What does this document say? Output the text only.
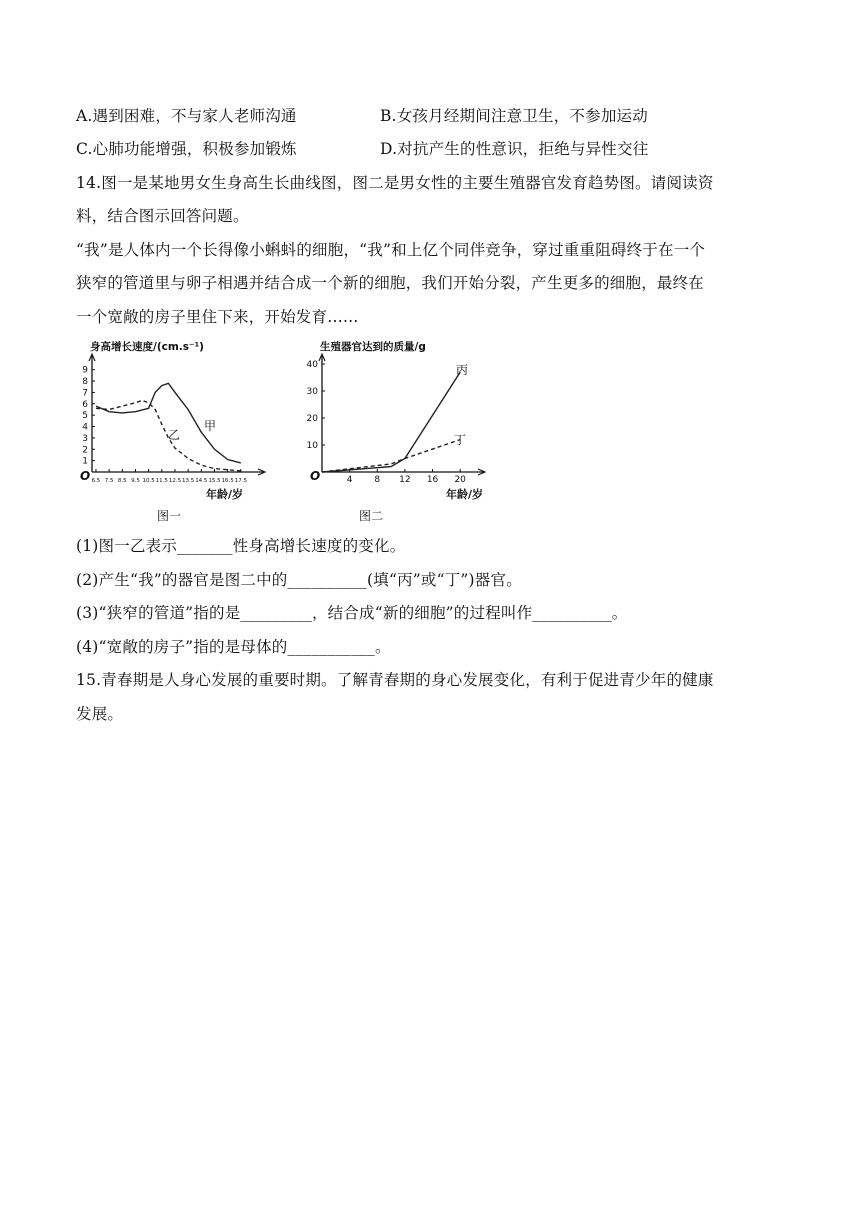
A.遇到困难，不与家人老师沟通	B.女孩月经期间注意卫生，不参加运动
C.心肺功能增强，积极参加锻炼	D.对抗产生的性意识，拒绝与异性交往
14.图一是某地男女生身高生长曲线图，图二是男女性的主要生殖器官发育趋势图。请阅读资
料，结合图示回答问题。
“我”是人体内一个长得像小蝌蚪的细胞，“我”和上亿个同伴竞争，穿过重重阻碍终于在一个
狭窄的管道里与卵子相遇并结合成一个新的细胞，我们开始分裂，产生更多的细胞，最终在
一个宽敞的房子里住下来，开始发育……
身高增长速度/(cm.s⁻¹)
O
1
2
3
4
5
6
7
8
9
6.5 7.5 8.5 9.5 10.5 11.5 12.5 13.5 14.5 15.5 16.5 17.5
甲
乙
年龄/岁
图一
生殖器官达到的质量/g
O
10
20
30
40
4 8 12 16 20
丙
丁
年龄/岁
图二
(1)图一乙表示_______性身高增长速度的变化。
(2)产生“我”的器官是图二中的__________(填“丙”或“丁”)器官。
(3)“狭窄的管道”指的是_________，结合成“新的细胞”的过程叫作__________。
(4)“宽敞的房子”指的是母体的___________。
15.青春期是人身心发展的重要时期。了解青春期的身心发展变化，有利于促进青少年的健康
发展。
